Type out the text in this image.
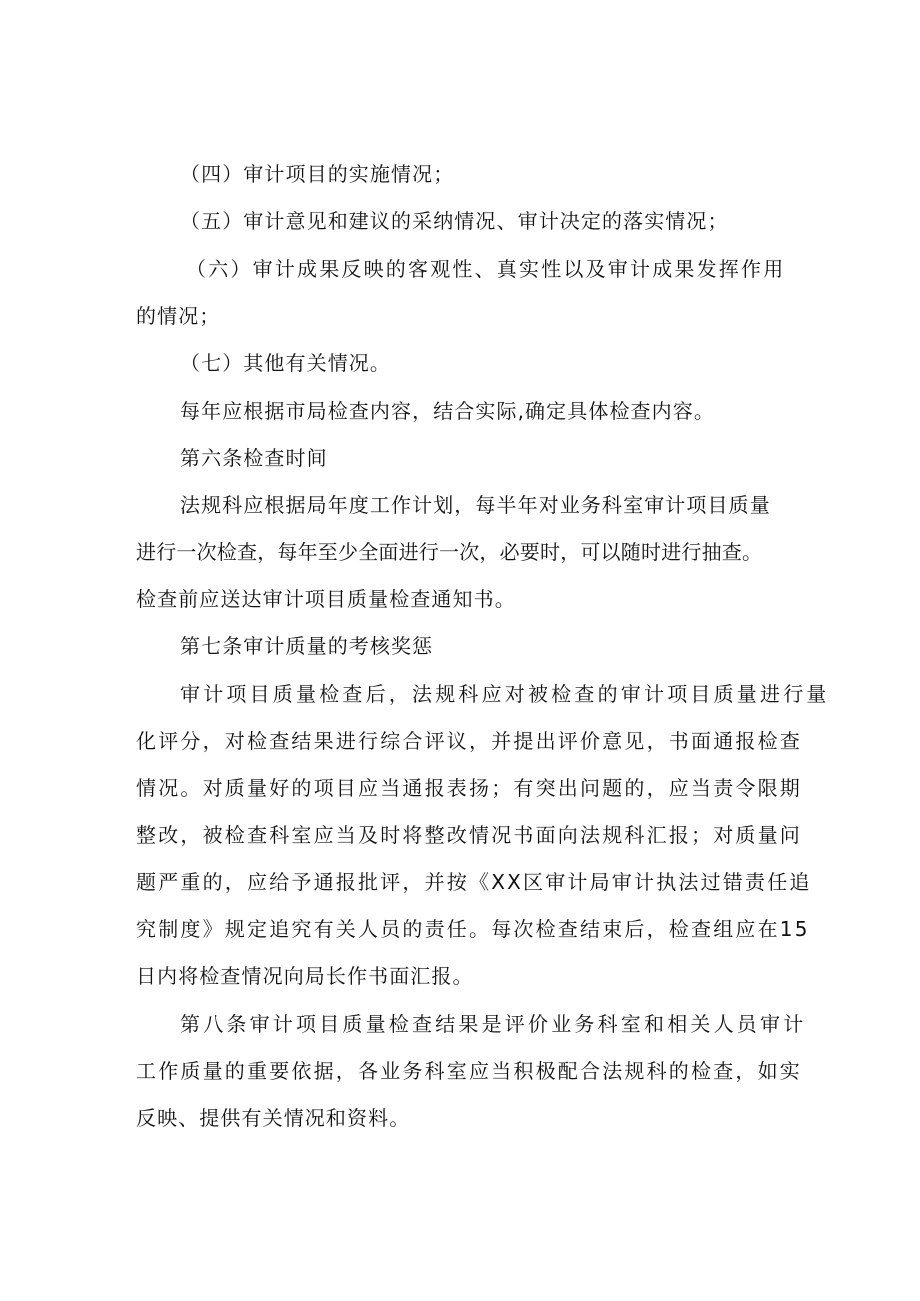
（四）审计项目的实施情况；
（五）审计意见和建议的采纳情况、审计决定的落实情况；
（六）审计成果反映的客观性、真实性以及审计成果发挥作用
的情况；
（七）其他有关情况。
每年应根据市局检查内容，结合实际,确定具体检查内容。
第六条检查时间
法规科应根据局年度工作计划，每半年对业务科室审计项目质量
进行一次检查，每年至少全面进行一次，必要时，可以随时进行抽查。
检查前应送达审计项目质量检查通知书。
第七条审计质量的考核奖惩
审计项目质量检查后，法规科应对被检查的审计项目质量进行量
化评分，对检查结果进行综合评议，并提出评价意见，书面通报检查
情况。对质量好的项目应当通报表扬；有突出问题的，应当责令限期
整改，被检查科室应当及时将整改情况书面向法规科汇报；对质量问
题严重的，应给予通报批评，并按《XX区审计局审计执法过错责任追
究制度》规定追究有关人员的责任。每次检查结束后，检查组应在15
日内将检查情况向局长作书面汇报。
第八条审计项目质量检查结果是评价业务科室和相关人员审计
工作质量的重要依据，各业务科室应当积极配合法规科的检查，如实
反映、提供有关情况和资料。
